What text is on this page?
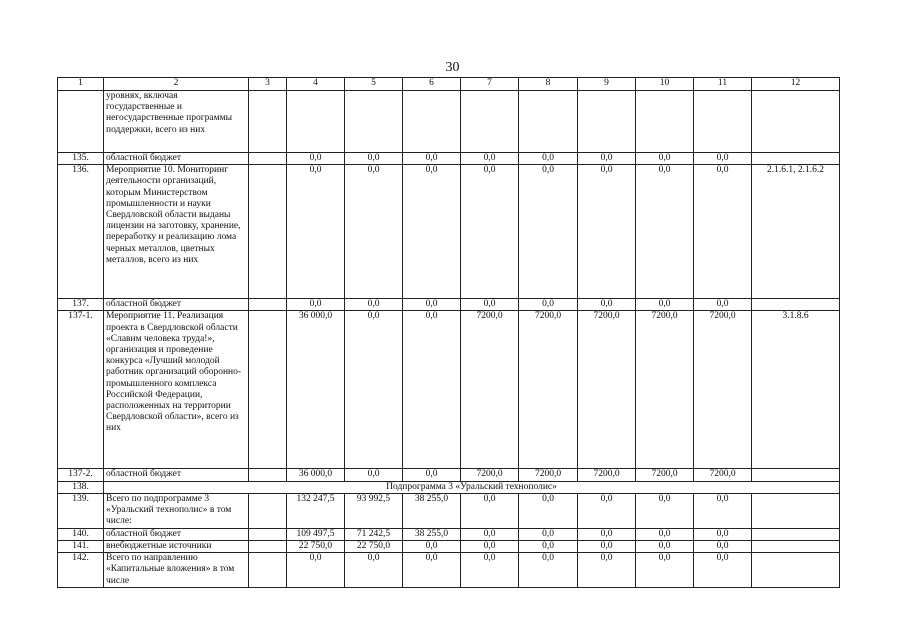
30
1	2	3	4	5	6	7	8	9	10	11	12
	уровнях, включая государственные и негосударственные программы поддержки, всего из них										
135.	областной бюджет		0,0	0,0	0,0	0,0	0,0	0,0	0,0	0,0	
136.	Мероприятие 10. Мониторинг деятельности организаций, которым Министерством промышленности и науки Свердловской области выданы лицензии на заготовку, хранение, переработку и реализацию лома черных металлов, цветных металлов, всего из них		0,0	0,0	0,0	0,0	0,0	0,0	0,0	0,0	2.1.6.1, 2.1.6.2
137.	областной бюджет		0,0	0,0	0,0	0,0	0,0	0,0	0,0	0,0	
137-1.	Мероприятие 11. Реализация проекта в Свердловской области «Славим человека труда!», организация и проведение конкурса «Лучший молодой работник организаций оборонно-промышленного комплекса Российской Федерации, расположенных на территории Свердловской области», всего из них		36 000,0	0,0	0,0	7200,0	7200,0	7200,0	7200,0	7200,0	3.1.8.6
137-2.	областной бюджет		36 000,0	0,0	0,0	7200,0	7200,0	7200,0	7200,0	7200,0	
138.	Подпрограмма 3 «Уральский технополис»										
139.	Всего по подпрограмме 3 «Уральский технополис» в том числе:		132 247,5	93 992,5	38 255,0	0,0	0,0	0,0	0,0	0,0	
140.	областной бюджет		109 497,5	71 242,5	38 255,0	0,0	0,0	0,0	0,0	0,0	
141.	внебюджетные источники		22 750,0	22 750,0	0,0	0,0	0,0	0,0	0,0	0,0	
142.	Всего по направлению «Капитальные вложения» в том числе		0,0	0,0	0,0	0,0	0,0	0,0	0,0	0,0	
